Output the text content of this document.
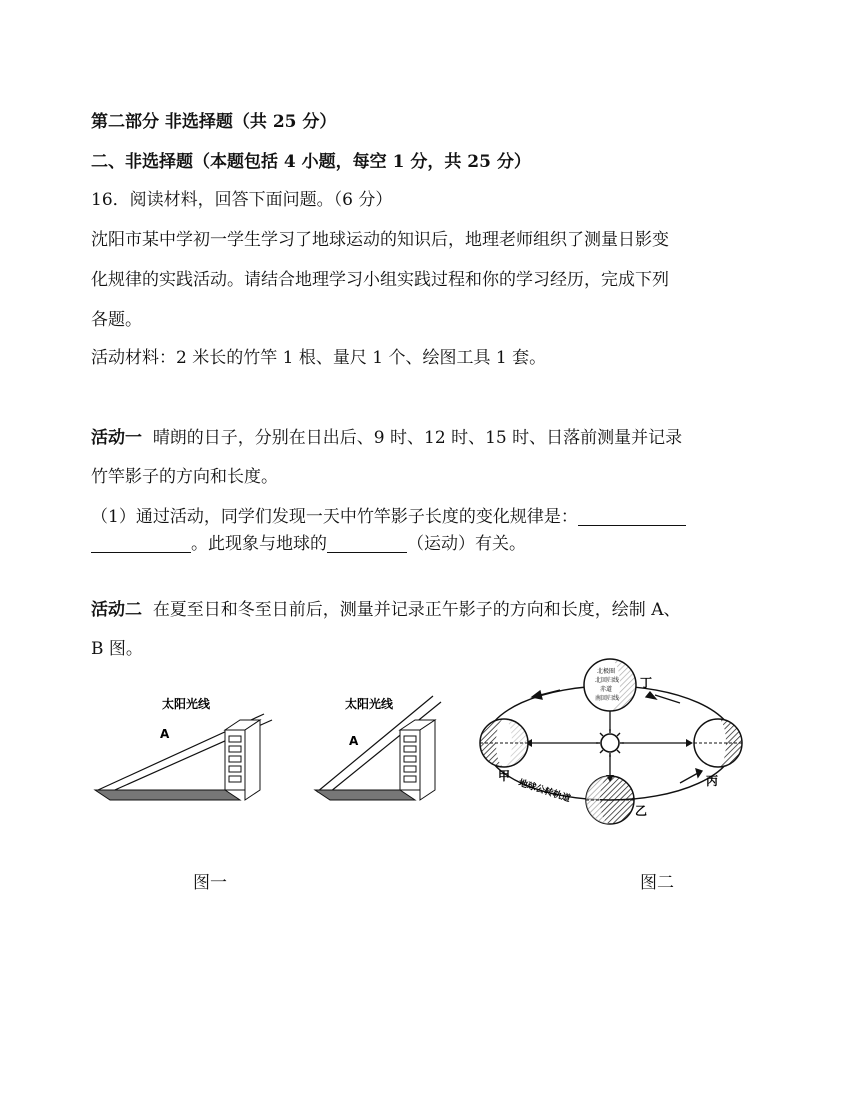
第二部分 非选择题（共 25 分）
二、非选择题（本题包括 4 小题，每空 1 分，共 25 分）
16．阅读材料，回答下面问题。（6 分）
沈阳市某中学初一学生学习了地球运动的知识后，地理老师组织了测量日影变
化规律的实践活动。请结合地理学习小组实践过程和你的学习经历，完成下列
各题。
活动材料：2 米长的竹竿 1 根、量尺 1 个、绘图工具 1 套。
活动一 晴朗的日子，分别在日出后、9 时、12 时、15 时、日落前测量并记录
竹竿影子的方向和长度。
（1）通过活动，同学们发现一天中竹竿影子长度的变化规律是：
。此现象与地球的	（运动）有关。
活动二 在夏至日和冬至日前后，测量并记录正午影子的方向和长度，绘制 A、
B 图。
太阳光线
A
太阳光线
A
北极圈
北回归线
赤道
南回归线
丁
甲	丙
乙
地球公转轨道
图一	图二
